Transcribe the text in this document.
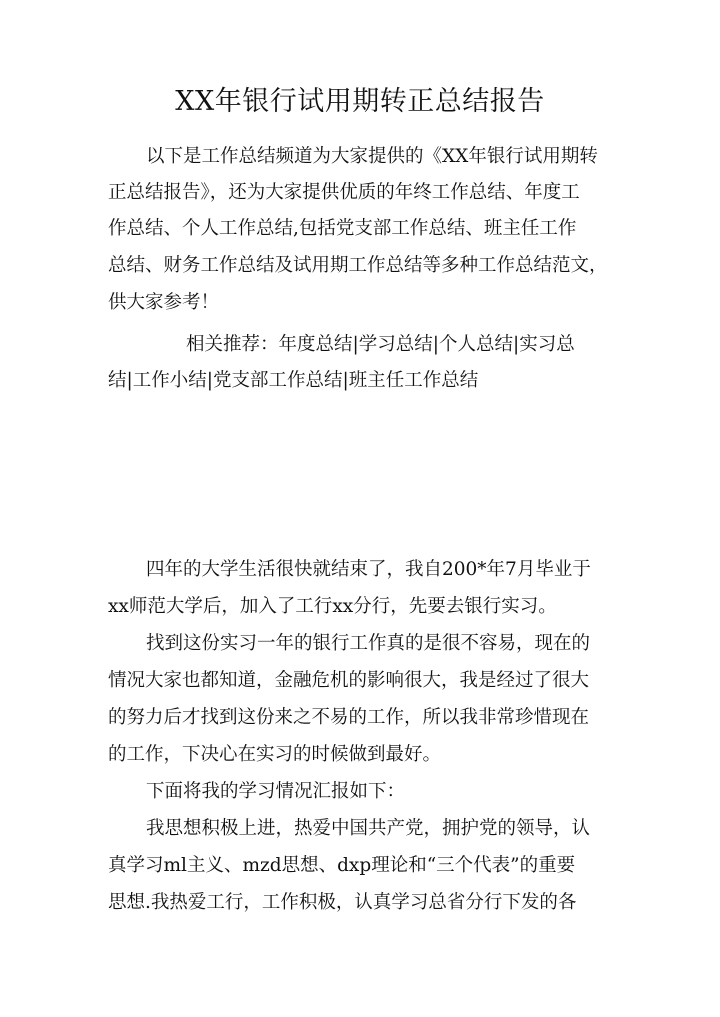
XX年银行试用期转正总结报告

以下是工作总结频道为大家提供的《XX年银行试用期转

正总结报告》，还为大家提供优质的年终工作总结、年度工

作总结、个人工作总结,包括党支部工作总结、班主任工作

总结、财务工作总结及试用期工作总结等多种工作总结范文，

供大家参考！

相关推荐：年度总结|学习总结|个人总结|实习总

结|工作小结|党支部工作总结|班主任工作总结

四年的大学生活很快就结束了，我自200*年7月毕业于

xx师范大学后，加入了工行xx分行，先要去银行实习。

找到这份实习一年的银行工作真的是很不容易，现在的

情况大家也都知道，金融危机的影响很大，我是经过了很大

的努力后才找到这份来之不易的工作，所以我非常珍惜现在

的工作，下决心在实习的时候做到最好。

下面将我的学习情况汇报如下：

我思想积极上进，热爱中国共产党，拥护党的领导，认

真学习ml主义、mzd思想、dxp理论和“三个代表”的重要

思想.我热爱工行，工作积极，认真学习总省分行下发的各
